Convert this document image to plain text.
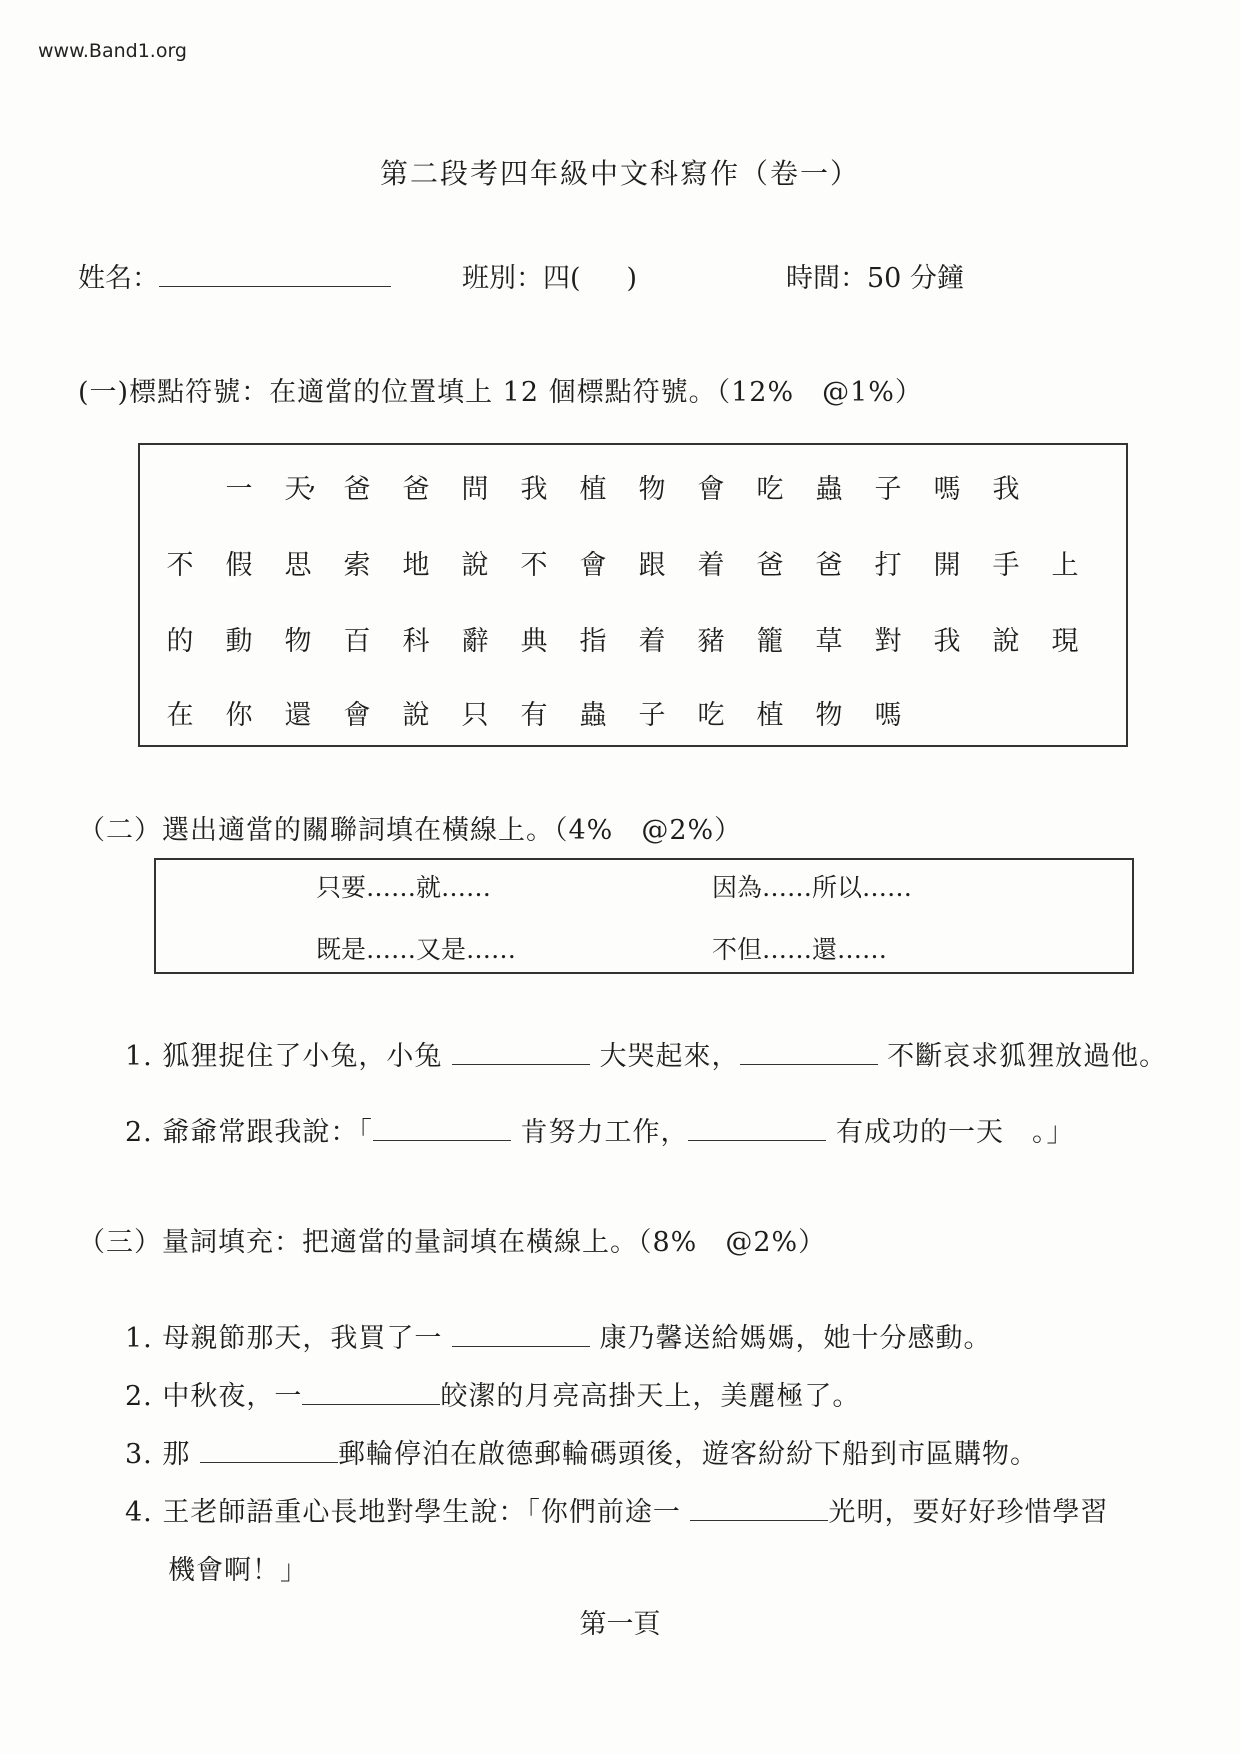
www.Band1.org
第二段考四年級中文科寫作（卷一）
姓名：	班別：四( )	時間：50 分鐘
(一)標點符號：在適當的位置填上 12 個標點符號。（12%　@1%）
一 天 爸 爸 問 我 植 物 會 吃 蟲 子 嗎 我
不 假 思 索 地 說 不 會 跟 着 爸 爸 打 開 手 上
的 動 物 百 科 辭 典 指 着 豬 籠 草 對 我 說 現
在 你 還 會 說 只 有 蟲 子 吃 植 物 嗎
,
（二）選出適當的關聯詞填在橫線上。（4%　@2%）
只要……就……	因為……所以……
既是……又是……	不但……還……
1. 狐狸捉住了小兔，小兔	大哭起來，	不斷哀求狐狸放過他。
2. 爺爺常跟我說：「	肯努力工作，	有成功的一天　。」
（三）量詞填充：把適當的量詞填在橫線上。（8%　@2%）
1. 母親節那天，我買了一	康乃馨送給媽媽，她十分感動。
2. 中秋夜，一	皎潔的月亮高掛天上，美麗極了。
3. 那	郵輪停泊在啟德郵輪碼頭後，遊客紛紛下船到市區購物。
4. 王老師語重心長地對學生說：「你們前途一	光明，要好好珍惜學習
機會啊！」
第一頁
